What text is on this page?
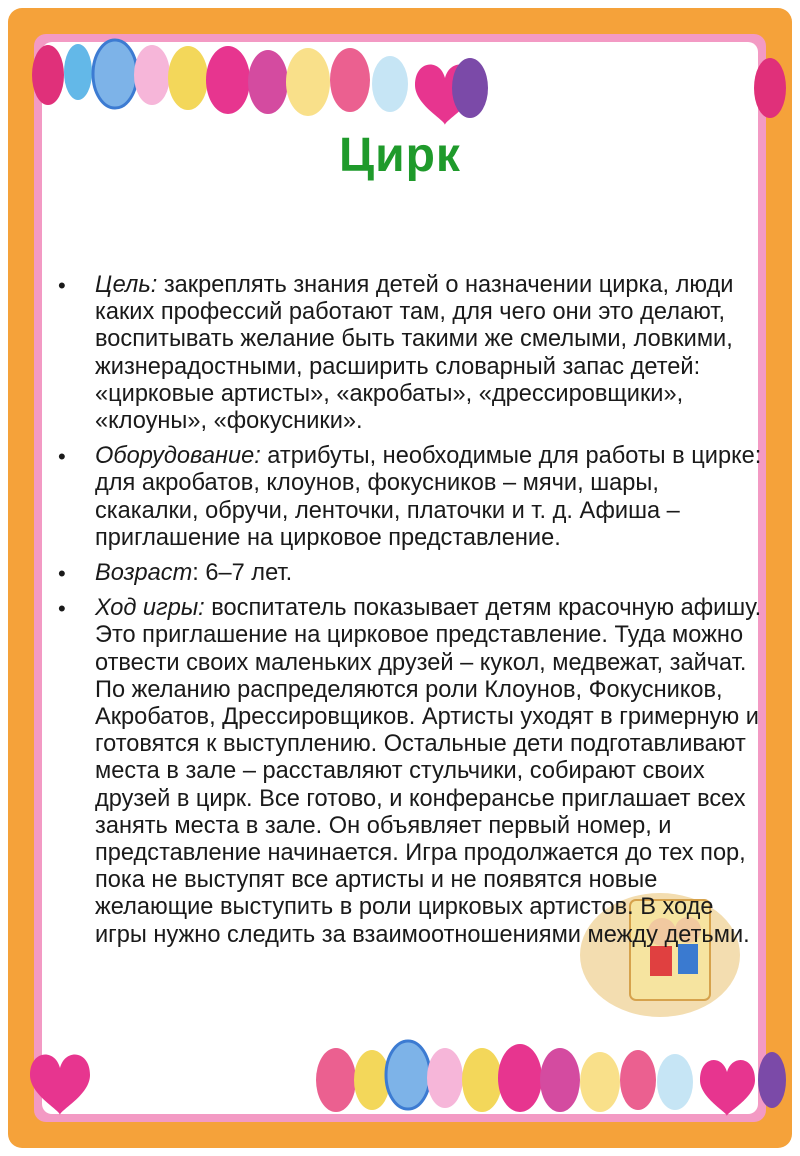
Цирк
• Цель: закреплять знания детей о назначении цирка, люди каких профессий работают там, для чего они это делают, воспитывать желание быть такими же смелыми, ловкими, жизнерадостными, расширить словарный запас детей: «цирковые артисты», «акробаты», «дрессировщики», «клоуны», «фокусники».
• Оборудование: атрибуты, необходимые для работы в цирке: для акробатов, клоунов, фокусников – мячи, шары, скакалки, обручи, ленточки, платочки и т. д. Афиша – приглашение на цирковое представление.
• Возраст: 6–7 лет.
• Ход игры: воспитатель показывает детям красочную афишу. Это приглашение на цирковое представление. Туда можно отвести своих маленьких друзей – кукол, медвежат, зайчат. По желанию распределяются роли Клоунов, Фокусников, Акробатов, Дрессировщиков. Артисты уходят в гримерную и готовятся к выступлению. Остальные дети подготавливают места в зале – расставляют стульчики, собирают своих друзей в цирк. Все готово, и конферансье приглашает всех занять места в зале. Он объявляет первый номер, и представление начинается. Игра продолжается до тех пор, пока не выступят все артисты и не появятся новые желающие выступить в роли цирковых артистов. В ходе игры нужно следить за взаимоотношениями между детьми.
